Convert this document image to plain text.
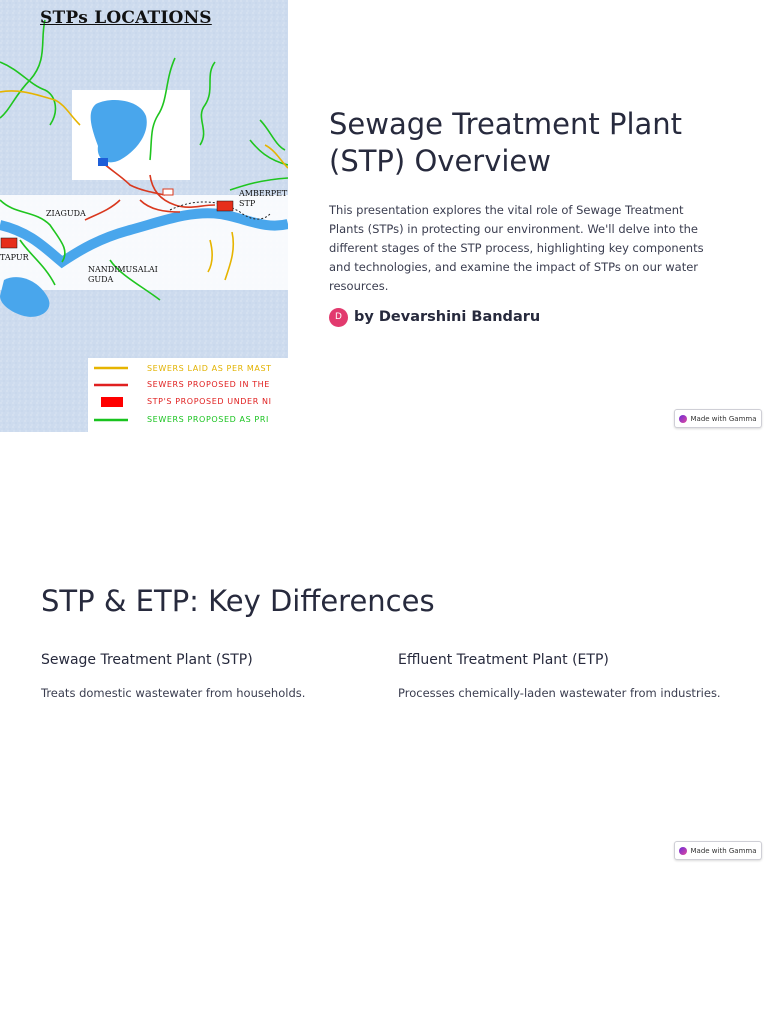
STPs LOCATIONS
AMBERPET
STP
ZIAGUDA
TAPUR
NANDIMUSALAI
GUDA
SEWERS LAID AS PER MAST
SEWERS PROPOSED IN THE
STP'S PROPOSED UNDER NI
SEWERS PROPOSED AS PRI
Sewage Treatment Plant (STP) Overview

This presentation explores the vital role of Sewage Treatment Plants (STPs) in protecting our environment. We'll delve into the different stages of the STP process, highlighting key components and technologies, and examine the impact of STPs on our water resources.

D by Devarshini Bandaru
Made with Gamma
STP & ETP: Key Differences
Sewage Treatment Plant (STP)

Treats domestic wastewater from households.

Effluent Treatment Plant (ETP)

Processes chemically-laden wastewater from industries.

Made with Gamma
